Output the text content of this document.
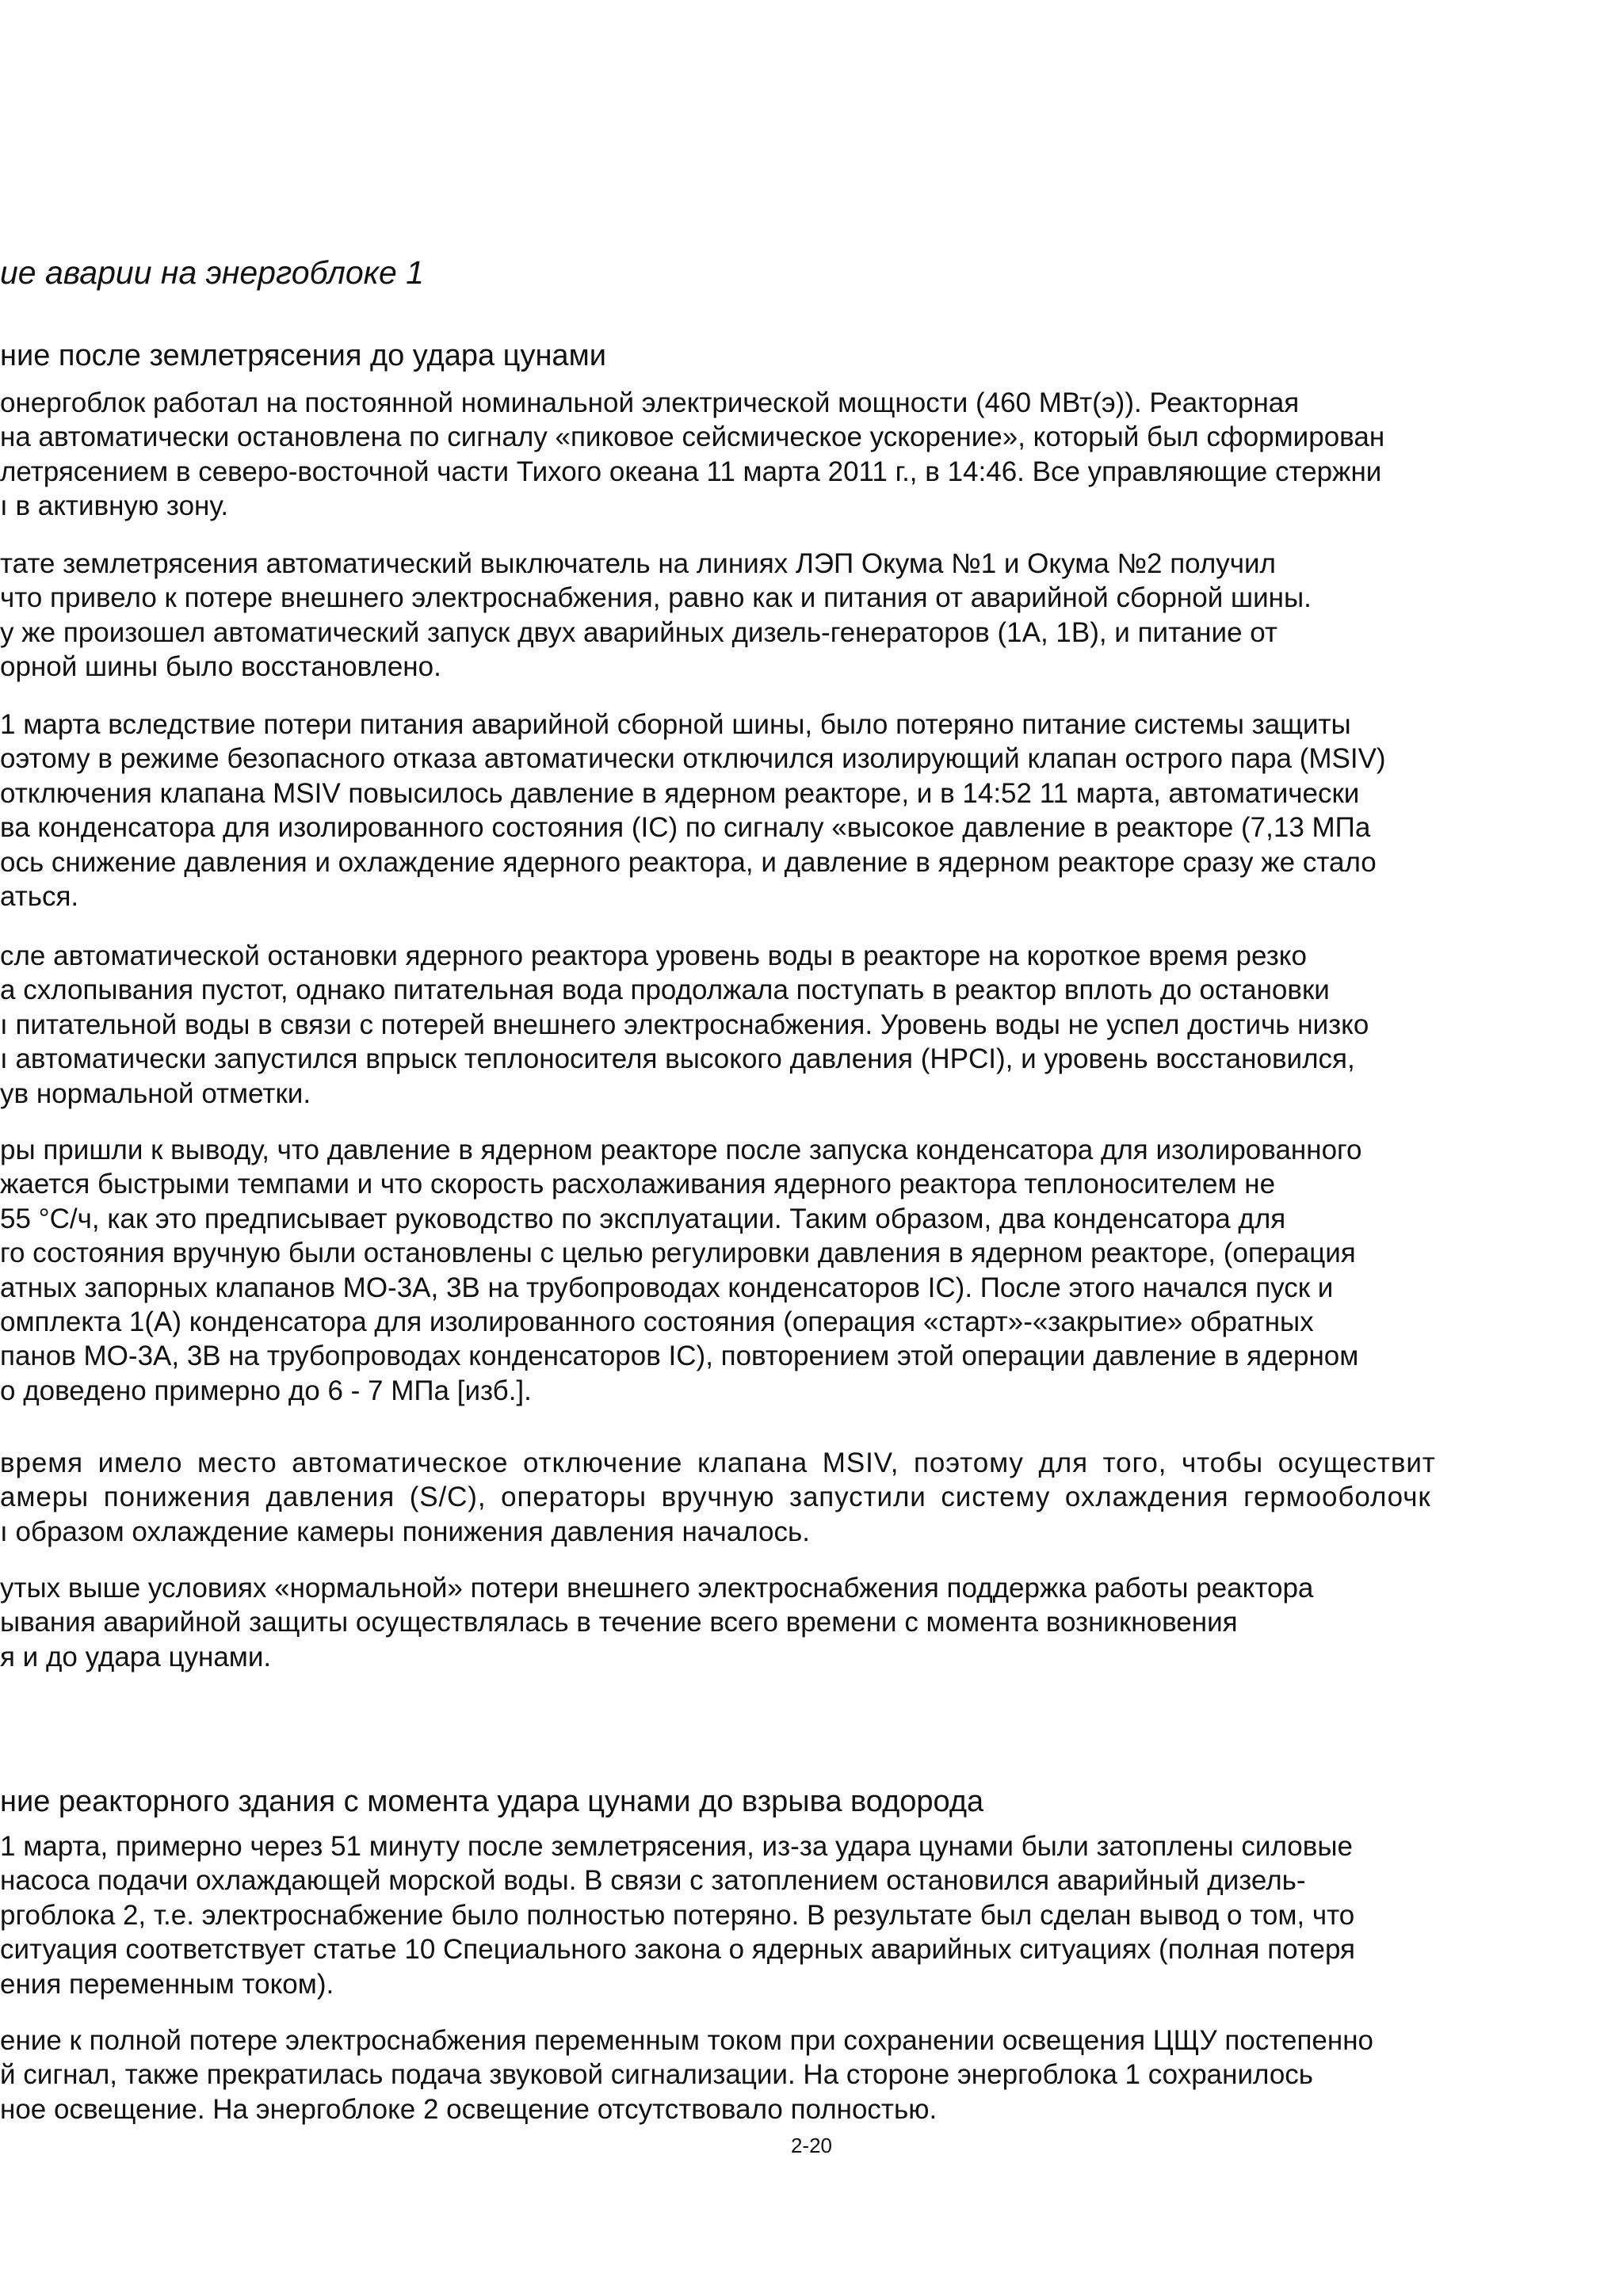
ие аварии на энергоблоке 1
ние после землетрясения до удара цунами
онергоблок работал на постоянной номинальной электрической мощности (460 МВт(э)). Реакторная
на автоматически остановлена по сигналу «пиковое сейсмическое ускорение», который был сформирован
летрясением в северо-восточной части Тихого океана 11 марта 2011 г., в 14:46. Все управляющие стержни
ı в активную зону.
тате землетрясения автоматический выключатель на линиях ЛЭП Окума №1 и Окума №2 получил
что привело к потере внешнего электроснабжения, равно как и питания от аварийной сборной шины.
у же произошел автоматический запуск двух аварийных дизель-генераторов (1А, 1В), и питание от
орной шины было восстановлено.
1 марта вследствие потери питания аварийной сборной шины, было потеряно питание системы защиты
оэтому в режиме безопасного отказа автоматически отключился изолирующий клапан острого пара (MSIV)
отключения клапана MSIV повысилось давление в ядерном реакторе, и в 14:52 11 марта, автоматически
ва конденсатора для изолированного состояния (IC) по сигналу «высокое давление в реакторе (7,13 МПа
ось снижение давления и охлаждение ядерного реактора, и давление в ядерном реакторе сразу же стало
аться.
сле автоматической остановки ядерного реактора уровень воды в реакторе на короткое время резко
а схлопывания пустот, однако питательная вода продолжала поступать в реактор вплоть до остановки
ı питательной воды в связи с потерей внешнего электроснабжения. Уровень воды не успел достичь низко
ı автоматически запустился впрыск теплоносителя высокого давления (HPCI), и уровень восстановился,
ув нормальной отметки.
ры пришли к выводу, что давление в ядерном реакторе после запуска конденсатора для изолированного
жается быстрыми темпами и что скорость расхолаживания ядерного реактора теплоносителем не
55 °С/ч, как это предписывает руководство по эксплуатации. Таким образом, два конденсатора для
го состояния вручную были остановлены с целью регулировки давления в ядерном реакторе, (операция
атных запорных клапанов МО-3А, 3В на трубопроводах конденсаторов IC). После этого начался пуск и
омплекта 1(А) конденсатора для изолированного состояния (операция «старт»-«закрытие» обратных
панов МО-3А, 3В на трубопроводах конденсаторов IC), повторением этой операции давление в ядерном
о доведено примерно до 6 - 7 МПа [изб.].
время имело место автоматическое отключение клапана MSIV, поэтому для того, чтобы осуществит
амеры понижения давления (S/C), операторы вручную запустили систему охлаждения гермооболочк
ı образом охлаждение камеры понижения давления началось.
утых выше условиях «нормальной» потери внешнего электроснабжения поддержка работы реактора
ывания аварийной защиты осуществлялась в течение всего времени с момента возникновения
я и до удара цунами.
ние реакторного здания с момента удара цунами до взрыва водорода
1 марта, примерно через 51 минуту после землетрясения, из-за удара цунами были затоплены силовые
насоса подачи охлаждающей морской воды. В связи с затоплением остановился аварийный дизель-
ргоблока 2, т.е. электроснабжение было полностью потеряно. В результате был сделан вывод о том, что
ситуация соответствует статье 10 Специального закона о ядерных аварийных ситуациях (полная потеря
ения переменным током).
ение к полной потере электроснабжения переменным током при сохранении освещения ЦЩУ постепенно
й сигнал, также прекратилась подача звуковой сигнализации. На стороне энергоблока 1 сохранилось
ное освещение. На энергоблоке 2 освещение отсутствовало полностью.
2-20
